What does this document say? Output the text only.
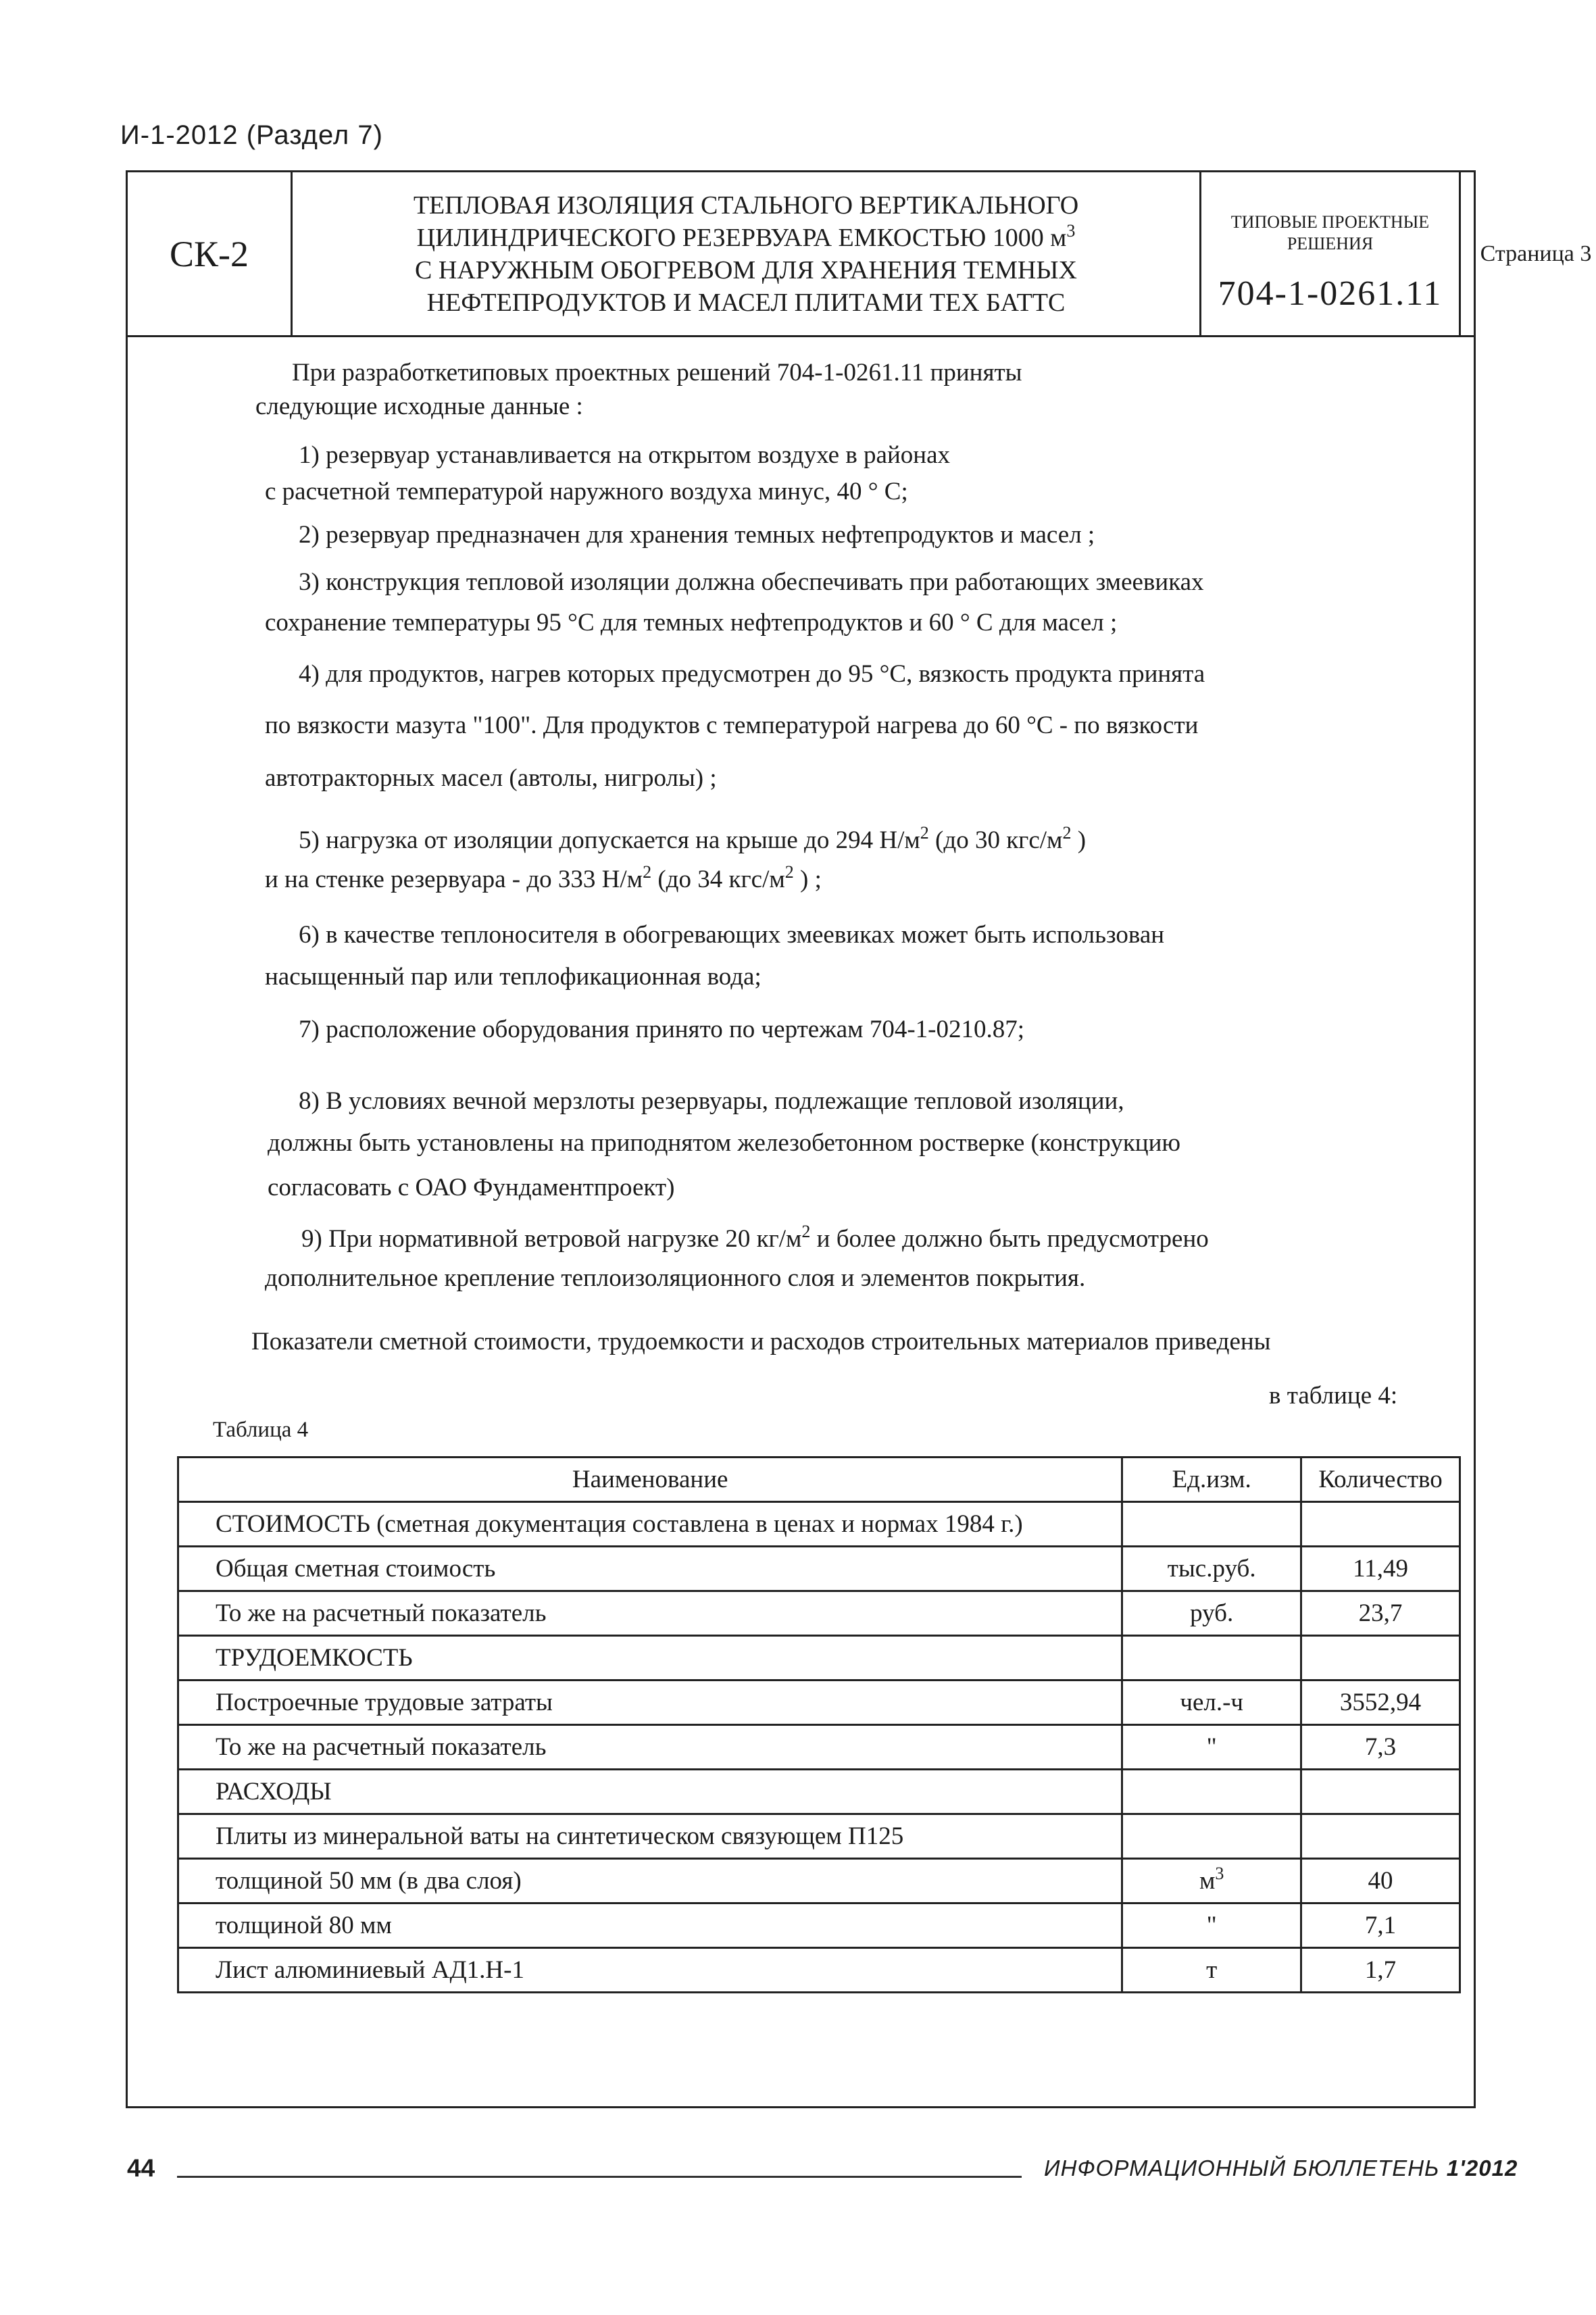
И-1-2012 (Раздел 7)
СК-2
ТЕПЛОВАЯ ИЗОЛЯЦИЯ СТАЛЬНОГО ВЕРТИКАЛЬНОГО
ЦИЛИНДРИЧЕСКОГО РЕЗЕРВУАРА ЕМКОСТЬЮ 1000 $м^3$
С НАРУЖНЫМ ОБОГРЕВОМ ДЛЯ ХРАНЕНИЯ ТЕМНЫХ
НЕФТЕПРОДУКТОВ И МАСЕЛ ПЛИТАМИ ТЕХ БАТТС
ТИПОВЫЕ ПРОЕКТНЫЕ
РЕШЕНИЯ
704-1-0261.11
Страница 3
При разработкетиповых проектных решений 704-1-0261.11 приняты
следующие исходные данные :
1) резервуар устанавливается на открытом воздухе в районах
с расчетной температурой наружного воздуха минус, 40 ° С;
2) резервуар предназначен для хранения темных нефтепродуктов и масел ;
3) конструкция тепловой изоляции должна обеспечивать при работающих змеевиках
сохранение температуры 95 °С для темных нефтепродуктов и 60 ° С для масел ;
4) для продуктов, нагрев которых предусмотрен до 95 °С, вязкость продукта принята
по вязкости мазута "100". Для продуктов с температурой нагрева до 60 °С - по вязкости
автотракторных масел (автолы, нигролы) ;
5) нагрузка от изоляции допускается на крыше до 294 $Н/м^2$ (до 30 кгс/$м^2$ )
и на стенке резервуара - до 333 $Н/м^2$ (до 34 кгс/$м^2$ ) ;
6) в качестве теплоносителя в обогревающих змеевиках может быть использован
насыщенный пар или теплофикационная вода;
7) расположение оборудования принято по чертежам 704-1-0210.87;
8) В условиях вечной мерзлоты резервуары, подлежащие тепловой изоляции,
должны быть установлены на приподнятом железобетонном ростверке (конструкцию
согласовать с ОАО Фундаментпроект)
9) При нормативной ветровой нагрузке 20 $кг/м^2$ и более должно быть предусмотрено
дополнительное крепление теплоизоляционного слоя и элементов покрытия.
Показатели сметной стоимости, трудоемкости и расходов строительных материалов приведены
в таблице 4:
Таблица 4
Наименование	Ед.изм.	Количество
СТОИМОСТЬ (сметная документация составлена в ценах и нормах 1984 г.)		
Общая сметная стоимость	тыс.руб.	11,49
То же на расчетный показатель	руб.	23,7
ТРУДОЕМКОСТЬ		
Построечные трудовые затраты	чел.-ч	3552,94
То же на расчетный показатель	"	7,3
РАСХОДЫ		
Плиты из минеральной ваты на синтетическом связующем П125		
толщиной 50 мм (в два слоя)	$м^3$	40
толщиной 80 мм	"	7,1
Лист алюминиевый АД1.Н-1	т	1,7
44	ИНФОРМАЦИОННЫЙ БЮЛЛЕТЕНЬ 1'2012
